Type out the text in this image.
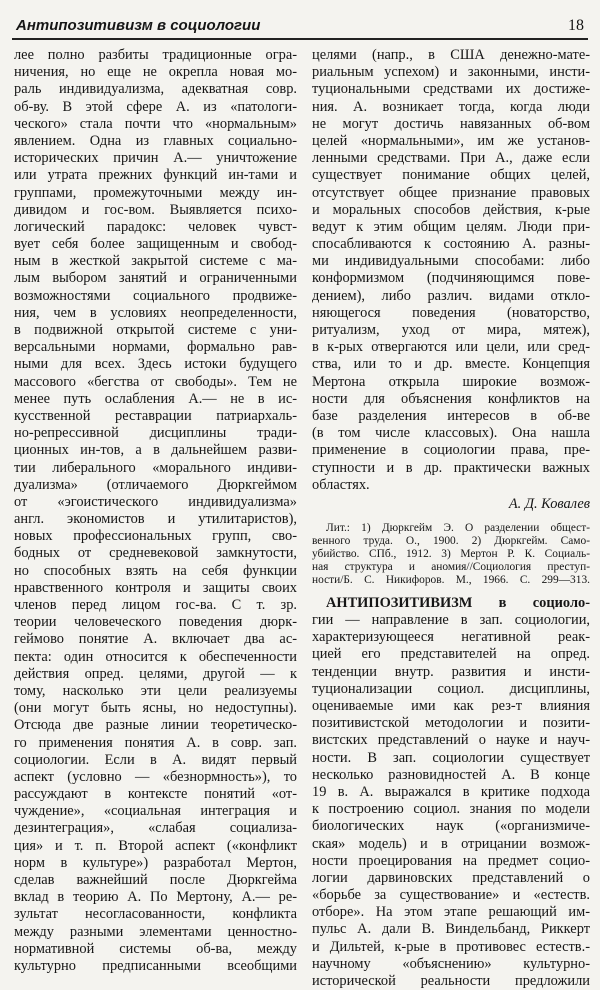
Антипозитивизм в социологии	18
лее полно разбиты традиционные огра-
ничения, но еще не окрепла новая мо-
раль индивидуализма, адекватная совр.
об-ву. В этой сфере А. из «патологи-
ческого» стала почти что «нормальным»
явлением. Одна из главных социально-
исторических причин А.— уничтожение
или утрата прежних функций ин-тами и
группами, промежуточными между ин-
дивидом и гос-вом. Выявляется психо-
логический парадокс: человек чувст-
вует себя более защищенным и свобод-
ным в жесткой закрытой системе с ма-
лым выбором занятий и ограниченными
возможностями социального продвиже-
ния, чем в условиях неопределенности,
в подвижной открытой системе с уни-
версальными нормами, формально рав-
ными для всех. Здесь истоки будущего
массового «бегства от свободы». Тем не
менее путь ослабления А.— не в ис-
кусственной реставрации патриархаль-
но-репрессивной дисциплины тради-
ционных ин-тов, а в дальнейшем разви-
тии либерального «морального индиви-
дуализма» (отличаемого Дюркгеймом
от «эгоистического индивидуализма»
англ. экономистов и утилитаристов),
новых профессиональных групп, сво-
бодных от средневековой замкнутости,
но способных взять на себя функции
нравственного контроля и защиты своих
членов перед лицом гос-ва. С т. зр.
теории человеческого поведения дюрк-
геймово понятие А. включает два ас-
пекта: один относится к обеспеченности
действия опред. целями, другой — к
тому, насколько эти цели реализуемы
(они могут быть ясны, но недоступны).
Отсюда две разные линии теоретическо-
го применения понятия А. в совр. зап.
социологии. Если в А. видят первый
аспект (условно — «безнормность»), то
рассуждают в контексте понятий «от-
чуждение», «социальная интеграция и
дезинтеграция», «слабая социализа-
ция» и т. п. Второй аспект («конфликт
норм в культуре») разработал Мертон,
сделав важнейший после Дюркгейма
вклад в теорию А. По Мертону, А.— ре-
зультат несогласованности, конфликта
между разными элементами ценностно-
нормативной системы об-ва, между
культурно предписанными всеобщими
целями (напр., в США денежно-мате-
риальным успехом) и законными, инсти-
туциональными средствами их достиже-
ния. А. возникает тогда, когда люди
не могут достичь навязанных об-вом
целей «нормальными», им же установ-
ленными средствами. При А., даже если
существует понимание общих целей,
отсутствует общее признание правовых
и моральных способов действия, к-рые
ведут к этим общим целям. Люди при-
спосабливаются к состоянию А. разны-
ми индивидуальными способами: либо
конформизмом (подчиняющимся пове-
дением), либо различ. видами откло-
няющегося поведения (новаторство,
ритуализм, уход от мира, мятеж),
в к-рых отвергаются или цели, или сред-
ства, или то и др. вместе. Концепция
Мертона открыла широкие возмож-
ности для объяснения конфликтов на
базе разделения интересов в об-ве
(в том числе классовых). Она нашла
применение в социологии права, пре-
ступности и в др. практически важных
областях.
А. Д. Ковалев
Лит.: 1) Дюркгейм Э. О разделении общест-
венного труда. О., 1900. 2) Дюркгейм. Само-
убийство. СПб., 1912. 3) Мертон Р. К. Социаль-
ная структура и аномия//Социология преступ-
ности/Б. С. Никифоров. М., 1966. С. 299—313.
АНТИПОЗИТИВИЗМ в социоло-
гии — направление в зап. социологии,
характеризующееся негативной реак-
цией его представителей на опред.
тенденции внутр. развития и инсти-
туционализации социол. дисциплины,
оцениваемые ими как рез-т влияния
позитивистской методологии и позити-
вистских представлений о науке и науч-
ности. В зап. социологии существует
несколько разновидностей А. В конце
19 в. А. выражался в критике подхода
к построению социол. знания по модели
биологических наук («организмиче-
ская» модель) и в отрицании возмож-
ности проецирования на предмет социо-
логии дарвиновских представлений о
«борьбе за существование» и «естеств.
отборе». На этом этапе решающий им-
пульс А. дали В. Виндельбанд, Риккерт
и Дильтей, к-рые в противовес естеств.-
научному «объяснению» культурно-
исторической реальности предложили
